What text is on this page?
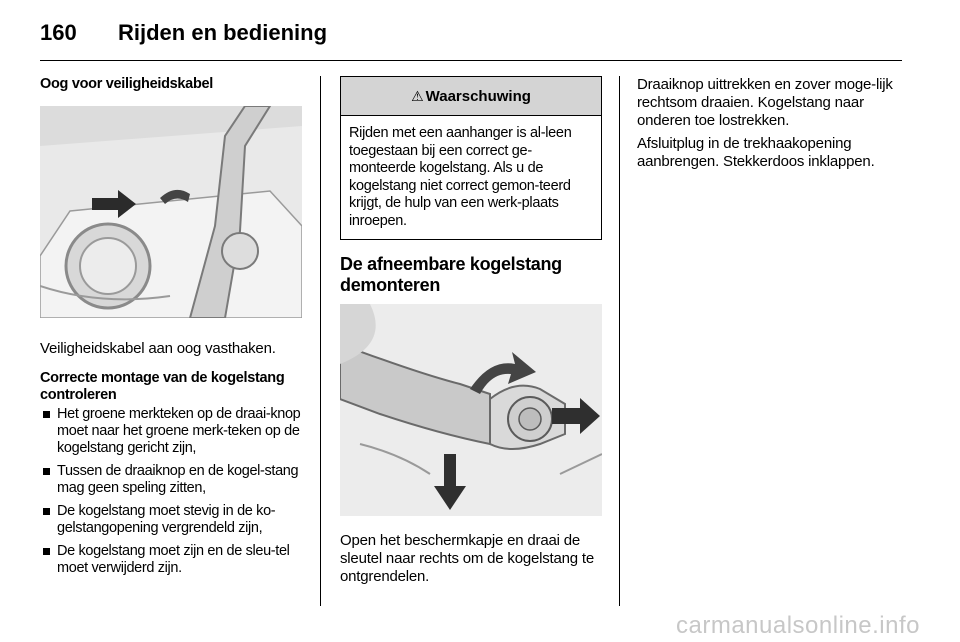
160 Rijden en bediening

Oog voor veiligheidskabel

Veiligheidskabel aan oog vasthaken.

Correcte montage van de kogelstang controleren

Het groene merkteken op de draai-knop moet naar het groene merk-teken op de kogelstang gericht zijn,
Tussen de draaiknop en de kogel-stang mag geen speling zitten,
De kogelstang moet stevig in de ko-gelstangopening vergrendeld zijn,
De kogelstang moet zijn en de sleu-tel moet verwijderd zijn.
⚠ Waarschuwing
Rijden met een aanhanger is al-leen toegestaan bij een correct ge-monteerde kogelstang. Als u de kogelstang niet correct gemon-teerd krijgt, de hulp van een werk-plaats inroepen.

De afneembare kogelstang demonteren

Open het beschermkapje en draai de sleutel naar rechts om de kogelstang te ontgrendelen.

Draaiknop uittrekken en zover moge-lijk rechtsom draaien. Kogelstang naar onderen toe lostrekken.

Afsluitplug in de trekhaakopening aanbrengen. Stekkerdoos inklappen.

carmanualsonline.info
